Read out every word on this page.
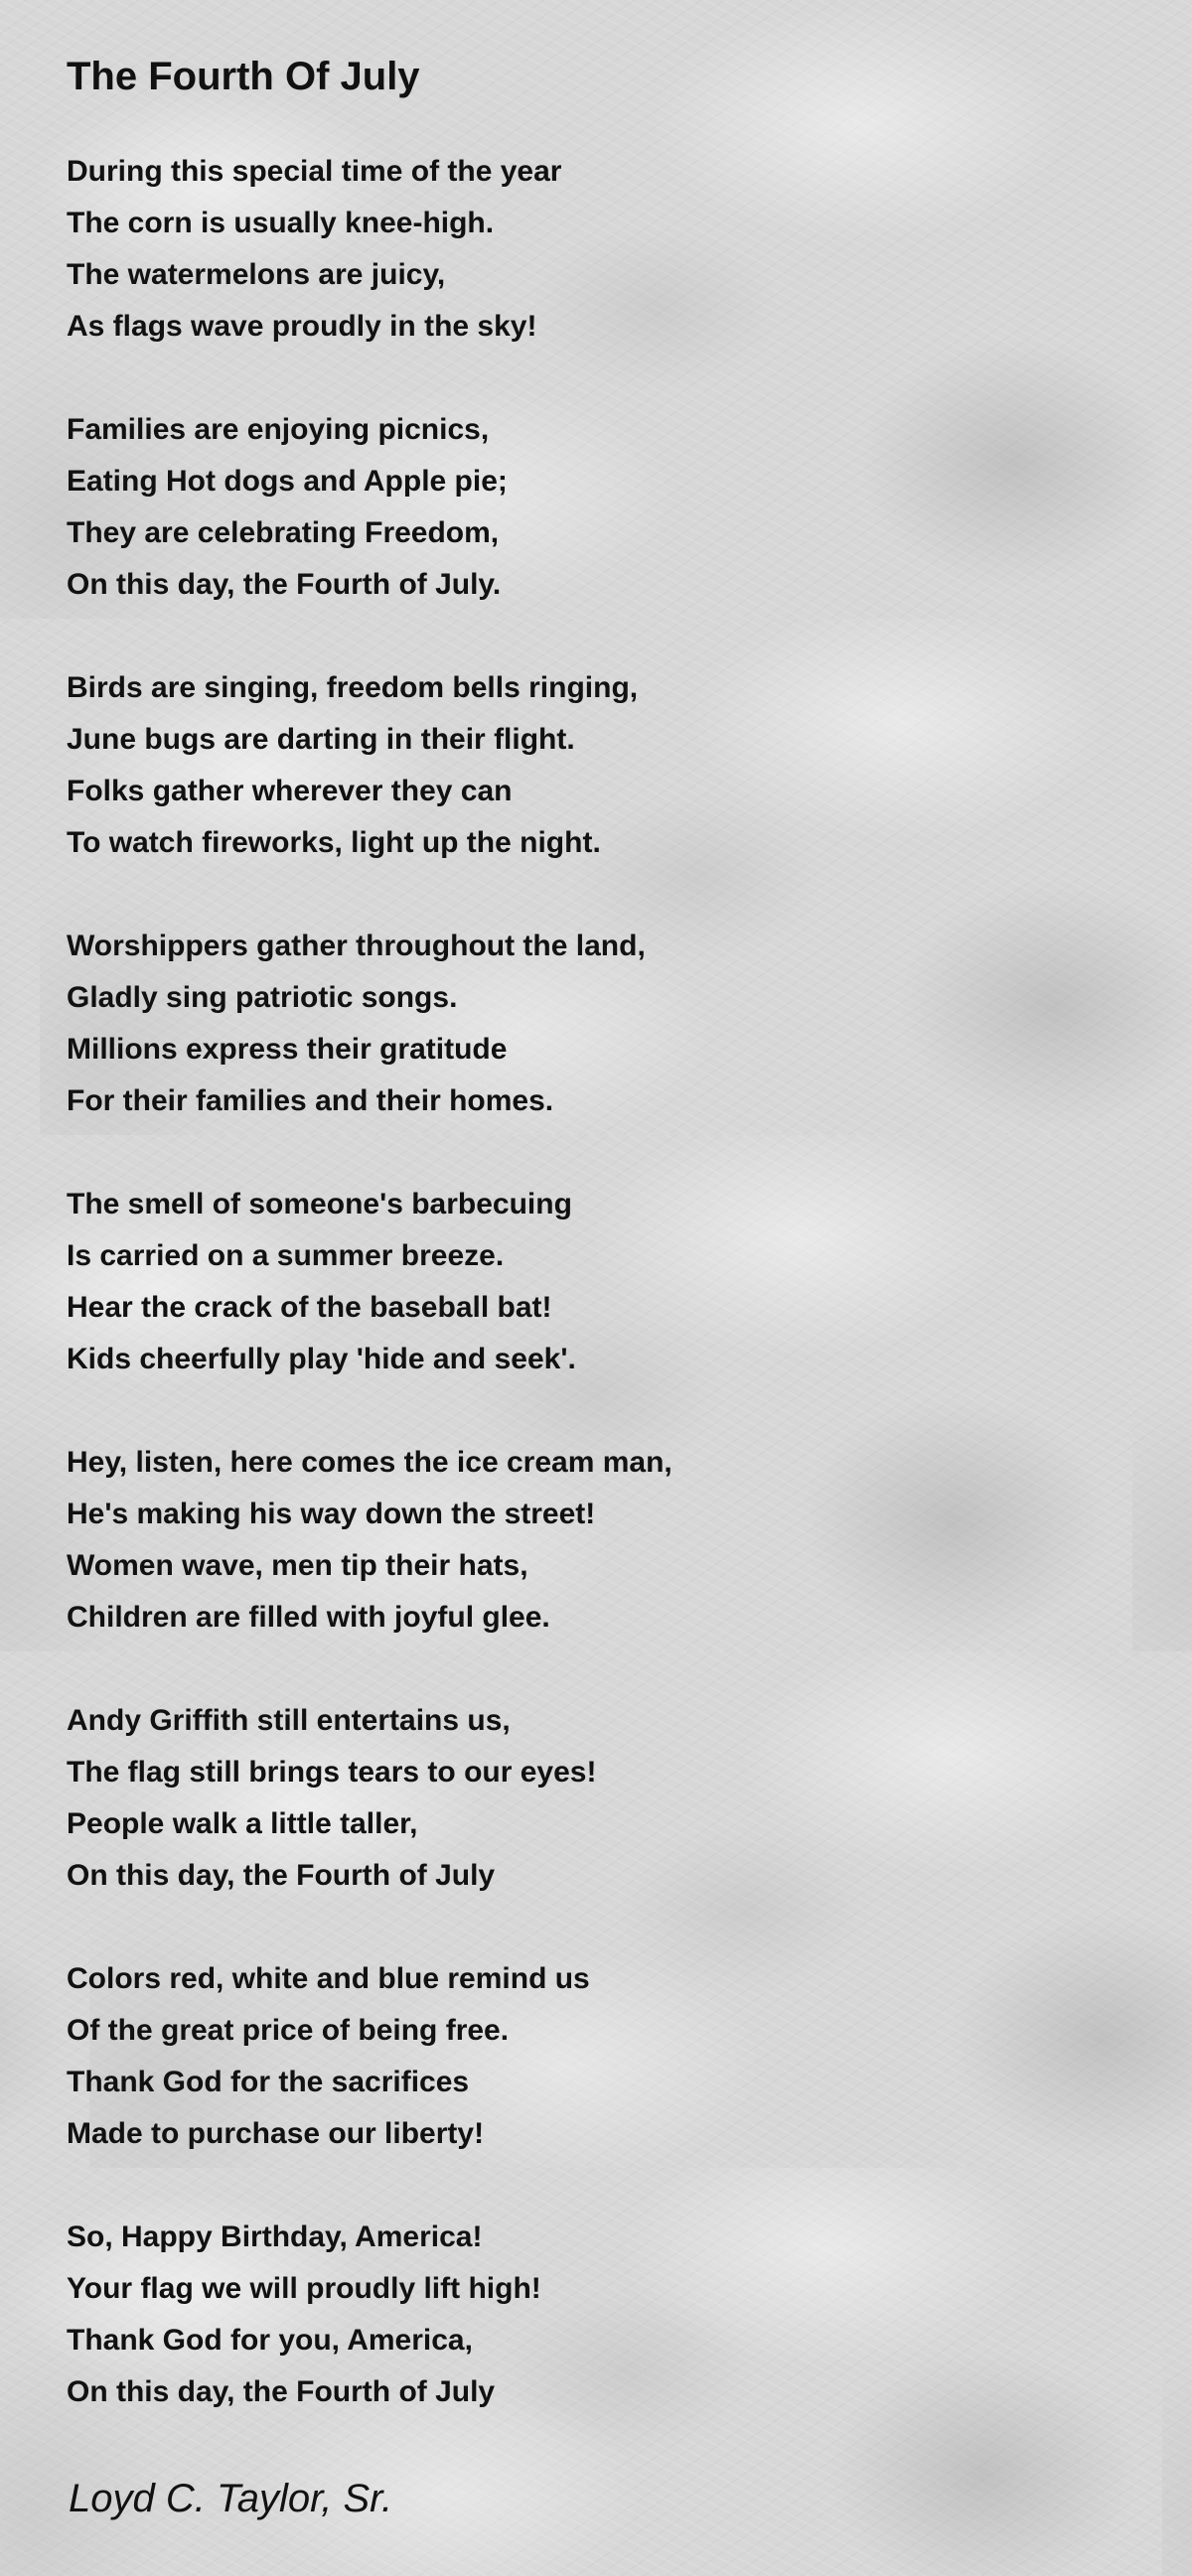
The Fourth Of July
During this special time of the year
The corn is usually knee-high.
The watermelons are juicy,
As flags wave proudly in the sky!
Families are enjoying picnics,
Eating Hot dogs and Apple pie;
They are celebrating Freedom,
On this day, the Fourth of July.
Birds are singing, freedom bells ringing,
June bugs are darting in their flight.
Folks gather wherever they can
To watch fireworks, light up the night.
Worshippers gather throughout the land,
Gladly sing patriotic songs.
Millions express their gratitude
For their families and their homes.
The smell of someone's barbecuing
Is carried on a summer breeze.
Hear the crack of the baseball bat!
Kids cheerfully play 'hide and seek'.
Hey, listen, here comes the ice cream man,
He's making his way down the street!
Women wave, men tip their hats,
Children are filled with joyful glee.
Andy Griffith still entertains us,
The flag still brings tears to our eyes!
People walk a little taller,
On this day, the Fourth of July
Colors red, white and blue remind us
Of the great price of being free.
Thank God for the sacrifices
Made to purchase our liberty!
So, Happy Birthday, America!
Your flag we will proudly lift high!
Thank God for you, America,
On this day, the Fourth of July
Loyd C. Taylor, Sr.
